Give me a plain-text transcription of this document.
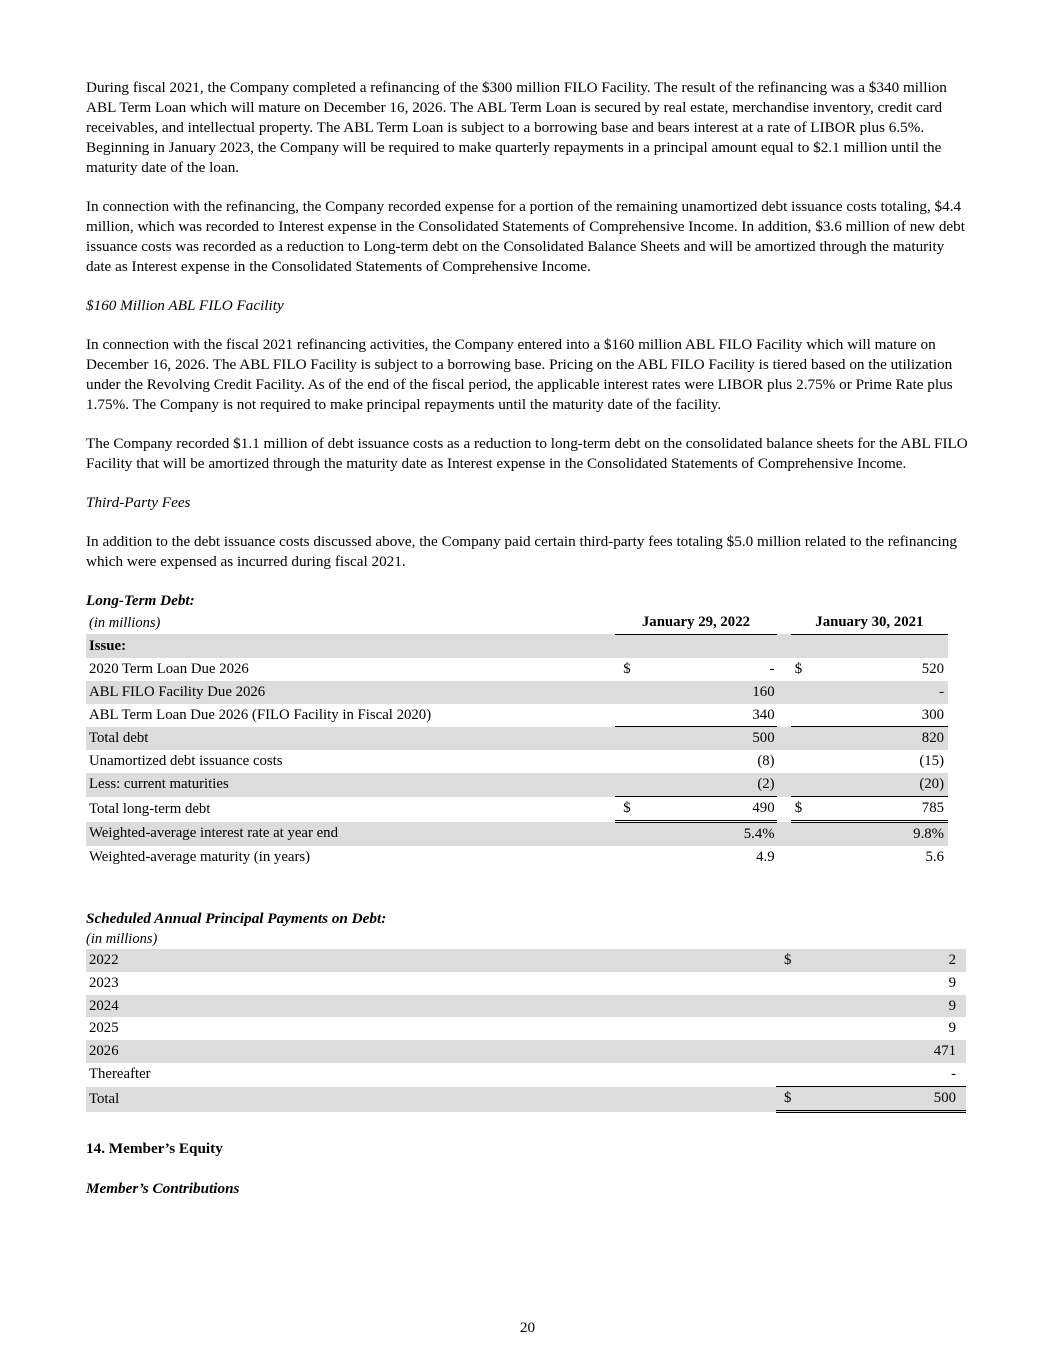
During fiscal 2021, the Company completed a refinancing of the $300 million FILO Facility. The result of the refinancing was a $340 million ABL Term Loan which will mature on December 16, 2026. The ABL Term Loan is secured by real estate, merchandise inventory, credit card receivables, and intellectual property. The ABL Term Loan is subject to a borrowing base and bears interest at a rate of LIBOR plus 6.5%. Beginning in January 2023, the Company will be required to make quarterly repayments in a principal amount equal to $2.1 million until the maturity date of the loan.

In connection with the refinancing, the Company recorded expense for a portion of the remaining unamortized debt issuance costs totaling, $4.4 million, which was recorded to Interest expense in the Consolidated Statements of Comprehensive Income. In addition, $3.6 million of new debt issuance costs was recorded as a reduction to Long-term debt on the Consolidated Balance Sheets and will be amortized through the maturity date as Interest expense in the Consolidated Statements of Comprehensive Income.

$160 Million ABL FILO Facility

In connection with the fiscal 2021 refinancing activities, the Company entered into a $160 million ABL FILO Facility which will mature on December 16, 2026. The ABL FILO Facility is subject to a borrowing base. Pricing on the ABL FILO Facility is tiered based on the utilization under the Revolving Credit Facility. As of the end of the fiscal period, the applicable interest rates were LIBOR plus 2.75% or Prime Rate plus 1.75%. The Company is not required to make principal repayments until the maturity date of the facility.

The Company recorded $1.1 million of debt issuance costs as a reduction to long-term debt on the consolidated balance sheets for the ABL FILO Facility that will be amortized through the maturity date as Interest expense in the Consolidated Statements of Comprehensive Income.

Third-Party Fees

In addition to the debt issuance costs discussed above, the Company paid certain third-party fees totaling $5.0 million related to the refinancing which were expensed as incurred during fiscal 2021.

Long-Term Debt:
(in millions)	January 29, 2022			January 30, 2021	
Issue:					
2020 Term Loan Due 2026	$	-		$	520
ABL FILO Facility Due 2026		160			-
ABL Term Loan Due 2026 (FILO Facility in Fiscal 2020)		340			300
Total debt		500			820
Unamortized debt issuance costs		(8)			(15)
Less: current maturities		(2)			(20)
Total long-term debt	$	490		$	785
Weighted-average interest rate at year end		5.4%			9.8%
Weighted-average maturity (in years)		4.9			5.6
Scheduled Annual Principal Payments on Debt:
(in millions)
2022	$	2
2023		9
2024		9
2025		9
2026		471
Thereafter		-
Total	$	500
14. Member’s Equity
Member’s Contributions
20
